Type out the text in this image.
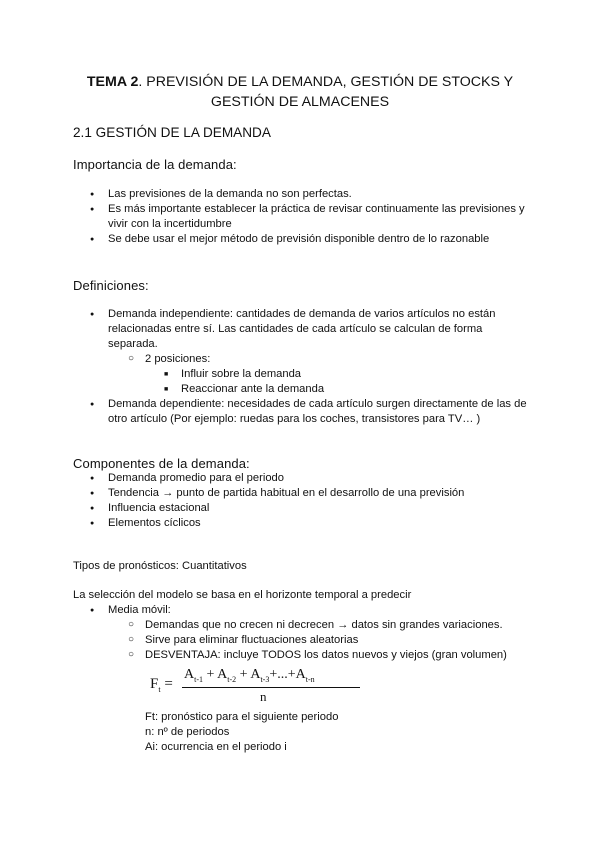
TEMA 2. PREVISIÓN DE LA DEMANDA, GESTIÓN DE STOCKS Y
GESTIÓN DE ALMACENES
2.1 GESTIÓN DE LA DEMANDA
Importancia de la demanda:
● Las previsiones de la demanda no son perfectas.
● Es más importante establecer la práctica de revisar continuamente las previsiones y
vivir con la incertidumbre
● Se debe usar el mejor método de previsión disponible dentro de lo razonable
Definiciones:
● Demanda independiente: cantidades de demanda de varios artículos no están
relacionadas entre sí. Las cantidades de cada artículo se calculan de forma
separada.
○ 2 posiciones:
■ Influir sobre la demanda
■ Reaccionar ante la demanda
● Demanda dependiente: necesidades de cada artículo surgen directamente de las de
otro artículo (Por ejemplo: ruedas para los coches, transistores para TV… )
Componentes de la demanda:
● Demanda promedio para el periodo
● Tendencia → punto de partida habitual en el desarrollo de una previsión
● Influencia estacional
● Elementos cíclicos
Tipos de pronósticos: Cuantitativos
La selección del modelo se basa en el horizonte temporal a predecir
● Media móvil:
○ Demandas que no crecen ni decrecen → datos sin grandes variaciones.
○ Sirve para eliminar fluctuaciones aleatorias
○ DESVENTAJA: incluye TODOS los datos nuevos y viejos (gran volumen)
$F_t$ =
$A_{t-1} + A_{t-2} + A_{t-3}+...+A_{t-n}$
n
Ft: pronóstico para el siguiente periodo
n: nº de periodos
Ai: ocurrencia en el periodo i
